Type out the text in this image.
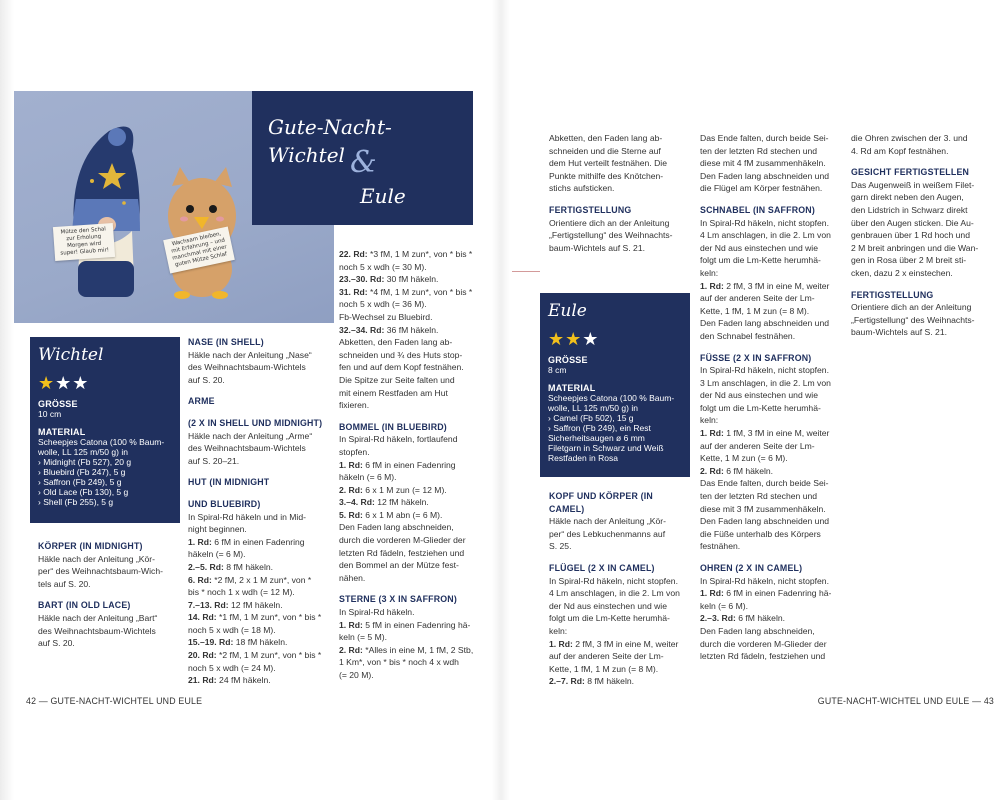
Mütze den Schal zur Erholung Morgen wird super! Glaub mir!
Wachsam bleiben, mit Erfahrung – und manchmal mit einer guten Mütze Schlaf
Gute-Nacht-
Wichtel &
Eule
Wichtel
★★★
GRÖSSE
10 cm
MATERIAL
Scheepjes Catona (100 % Baum-
wolle, LL 125 m/50 g) in
› Midnight (Fb 527), 20 g
› Bluebird (Fb 247), 5 g
› Saffron (Fb 249), 5 g
› Old Lace (Fb 130), 5 g
› Shell (Fb 255), 5 g
Eule
★★★
GRÖSSE
8 cm
MATERIAL
Scheepjes Catona (100 % Baum-
wolle, LL 125 m/50 g) in
› Camel (Fb 502), 15 g
› Saffron (Fb 249), ein Rest
Sicherheitsaugen ø 6 mm
Filetgarn in Schwarz und Weiß
Restfaden in Rosa

KÖRPER (IN MIDNIGHT)

Häkle nach der Anleitung „Kör-

per“ des Weihnachtsbaum-Wich-

tels auf S. 20.

BART (IN OLD LACE)

Häkle nach der Anleitung „Bart“

des Weihnachtsbaum-Wichtels

auf S. 20.

NASE (IN SHELL)

Häkle nach der Anleitung „Nase“

des Weihnachtsbaum-Wichtels

auf S. 20.

ARME

(2 X IN SHELL UND MIDNIGHT)

Häkle nach der Anleitung „Arme“

des Weihnachtsbaum-Wichtels

auf S. 20–21.

HUT (IN MIDNIGHT

UND BLUEBIRD)

In Spiral-Rd häkeln und in Mid-

night beginnen.

1. Rd: 6 fM in einen Fadenring

häkeln (= 6 M).

2.–5. Rd: 8 fM häkeln.

6. Rd: *2 fM, 2 x 1 M zun*, von *

bis * noch 1 x wdh (= 12 M).

7.–13. Rd: 12 fM häkeln.

14. Rd: *1 fM, 1 M zun*, von * bis *

noch 5 x wdh (= 18 M).

15.–19. Rd: 18 fM häkeln.

20. Rd: *2 fM, 1 M zun*, von * bis *

noch 5 x wdh (= 24 M).

21. Rd: 24 fM häkeln.

22. Rd: *3 fM, 1 M zun*, von * bis *

noch 5 x wdh (= 30 M).

23.–30. Rd: 30 fM häkeln.

31. Rd: *4 fM, 1 M zun*, von * bis *

noch 5 x wdh (= 36 M).

Fb-Wechsel zu Bluebird.

32.–34. Rd: 36 fM häkeln.

Abketten, den Faden lang ab-

schneiden und ¾ des Huts stop-

fen und auf dem Kopf festnähen.

Die Spitze zur Seite falten und

mit einem Restfaden am Hut

fixieren.

BOMMEL (IN BLUEBIRD)

In Spiral-Rd häkeln, fortlaufend

stopfen.

1. Rd: 6 fM in einen Fadenring

häkeln (= 6 M).

2. Rd: 6 x 1 M zun (= 12 M).

3.–4. Rd: 12 fM häkeln.

5. Rd: 6 x 1 M abn (= 6 M).

Den Faden lang abschneiden,

durch die vorderen M-Glieder der

letzten Rd fädeln, festziehen und

den Bommel an der Mütze fest-

nähen.

STERNE (3 X IN SAFFRON)

In Spiral-Rd häkeln.

1. Rd: 5 fM in einen Fadenring hä-

keln (= 5 M).

2. Rd: *Alles in eine M, 1 fM, 2 Stb,

1 Km*, von * bis * noch 4 x wdh

(= 20 M).

Abketten, den Faden lang ab-

schneiden und die Sterne auf

dem Hut verteilt festnähen. Die

Punkte mithilfe des Knötchen-

stichs aufsticken.

FERTIGSTELLUNG

Orientiere dich an der Anleitung

„Fertigstellung“ des Weihnachts-

baum-Wichtels auf S. 21.

KOPF UND KÖRPER (IN CAMEL)

Häkle nach der Anleitung „Kör-

per“ des Lebkuchenmanns auf

S. 25.

FLÜGEL (2 X IN CAMEL)

In Spiral-Rd häkeln, nicht stopfen.

4 Lm anschlagen, in die 2. Lm von

der Nd aus einstechen und wie

folgt um die Lm-Kette herumhä-

keln:

1. Rd: 2 fM, 3 fM in eine M, weiter

auf der anderen Seite der Lm-

Kette, 1 fM, 1 M zun (= 8 M).

2.–7. Rd: 8 fM häkeln.

Das Ende falten, durch beide Sei-

ten der letzten Rd stechen und

diese mit 4 fM zusammenhäkeln.

Den Faden lang abschneiden und

die Flügel am Körper festnähen.

SCHNABEL (IN SAFFRON)

In Spiral-Rd häkeln, nicht stopfen.

4 Lm anschlagen, in die 2. Lm von

der Nd aus einstechen und wie

folgt um die Lm-Kette herumhä-

keln:

1. Rd: 2 fM, 3 fM in eine M, weiter

auf der anderen Seite der Lm-

Kette, 1 fM, 1 M zun (= 8 M).

Den Faden lang abschneiden und

den Schnabel festnähen.

FÜSSE (2 X IN SAFFRON)

In Spiral-Rd häkeln, nicht stopfen.

3 Lm anschlagen, in die 2. Lm von

der Nd aus einstechen und wie

folgt um die Lm-Kette herumhä-

keln:

1. Rd: 1 fM, 3 fM in eine M, weiter

auf der anderen Seite der Lm-

Kette, 1 M zun (= 6 M).

2. Rd: 6 fM häkeln.

Das Ende falten, durch beide Sei-

ten der letzten Rd stechen und

diese mit 3 fM zusammenhäkeln.

Den Faden lang abschneiden und

die Füße unterhalb des Körpers

festnähen.

OHREN (2 X IN CAMEL)

In Spiral-Rd häkeln, nicht stopfen.

1. Rd: 6 fM in einen Fadenring hä-

keln (= 6 M).

2.–3. Rd: 6 fM häkeln.

Den Faden lang abschneiden,

durch die vorderen M-Glieder der

letzten Rd fädeln, festziehen und

die Ohren zwischen der 3. und

4. Rd am Kopf festnähen.

GESICHT FERTIGSTELLEN

Das Augenweiß in weißem Filet-

garn direkt neben den Augen,

den Lidstrich in Schwarz direkt

über den Augen sticken. Die Au-

genbrauen über 1 Rd hoch und

2 M breit anbringen und die Wan-

gen in Rosa über 2 M breit sti-

cken, dazu 2 x einstechen.

FERTIGSTELLUNG

Orientiere dich an der Anleitung

„Fertigstellung“ des Weihnachts-

baum-Wichtels auf S. 21.

42 — GUTE-NACHT-WICHTEL UND EULE	GUTE-NACHT-WICHTEL UND EULE — 43
